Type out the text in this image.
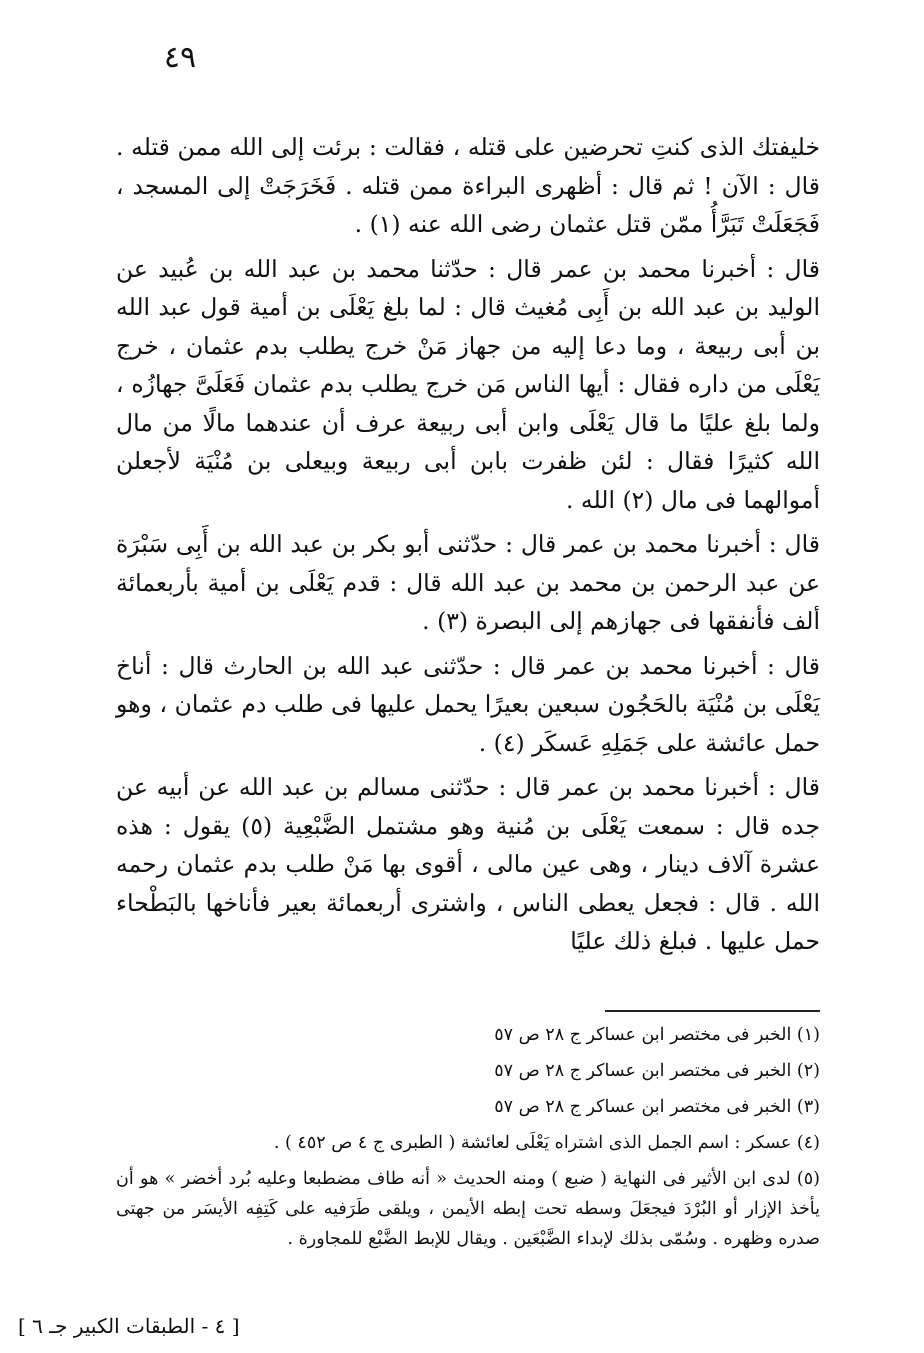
٤٩

خليفتك الذى كنتِ تحرضين على قتله ، فقالت : برئت إلى الله ممن قتله . قال : الآن ! ثم قال : أظهرى البراءة ممن قتله . فَخَرَجَتْ إلى المسجد ، فَجَعَلَتْ تَبَرَّأُ ممّن قتل عثمان رضى الله عنه (١) .

قال : أخبرنا محمد بن عمر قال : حدّثنا محمد بن عبد الله بن عُبيد عن الوليد بن عبد الله بن أَبِى مُغيث قال : لما بلغ يَعْلَى بن أمية قول عبد الله بن أبى ربيعة ، وما دعا إليه من جهاز مَنْ خرج يطلب بدم عثمان ، خرج يَعْلَى من داره فقال : أيها الناس مَن خرج يطلب بدم عثمان فَعَلَىَّ جهازُه ، ولما بلغ عليًا ما قال يَعْلَى وابن أبى ربيعة عرف أن عندهما مالًا من مال الله كثيرًا فقال : لئن ظفرت بابن أبى ربيعة وبيعلى بن مُنْيَة لأجعلن أموالهما فى مال (٢) الله .

قال : أخبرنا محمد بن عمر قال : حدّثنى أبو بكر بن عبد الله بن أَبِى سَبْرَة عن عبد الرحمن بن محمد بن عبد الله قال : قدم يَعْلَى بن أمية بأربعمائة ألف فأنفقها فى جهازهم إلى البصرة (٣) .

قال : أخبرنا محمد بن عمر قال : حدّثنى عبد الله بن الحارث قال : أناخ يَعْلَى بن مُنْيَة بالحَجُون سبعين بعيرًا يحمل عليها فى طلب دم عثمان ، وهو حمل عائشة على جَمَلِهِ عَسكَر (٤) .

قال : أخبرنا محمد بن عمر قال : حدّثنى مسالم بن عبد الله عن أبيه عن جده قال : سمعت يَعْلَى بن مُنية وهو مشتمل الضَّبْعِية (٥) يقول : هذه عشرة آلاف دينار ، وهى عين مالى ، أقوى بها مَنْ طلب بدم عثمان رحمه الله . قال : فجعل يعطى الناس ، واشترى أربعمائة بعير فأناخها بالبَطْحاء حمل عليها . فبلغ ذلك عليًا

(١) الخبر فى مختصر ابن عساكر ج ٢٨ ص ٥٧

(٢) الخبر فى مختصر ابن عساكر ج ٢٨ ص ٥٧

(٣) الخبر فى مختصر ابن عساكر ج ٢٨ ص ٥٧

(٤) عسكر : اسم الجمل الذى اشتراه يَعْلَى لعائشة ( الطبرى ج ٤ ص ٤٥٢ ) .

(٥) لدى ابن الأثير فى النهاية ( ضبع ) ومنه الحديث « أنه طاف مضطبعا وعليه بُرد أخضر » هو أن يأخذ الإزار أو البُرْدَ فيجعَلَ وسطه تحت إبطه الأيمن ، ويلقى طَرَفيه على كَتِفِه الأيسَر من جهتى صدره وظهره . وسُمّى بذلك لإبداء الضَّبْعَين . ويقال للإبط الضَّبْع للمجاورة .

[ ٤ - الطبقات الكبير جـ ٦ ]
